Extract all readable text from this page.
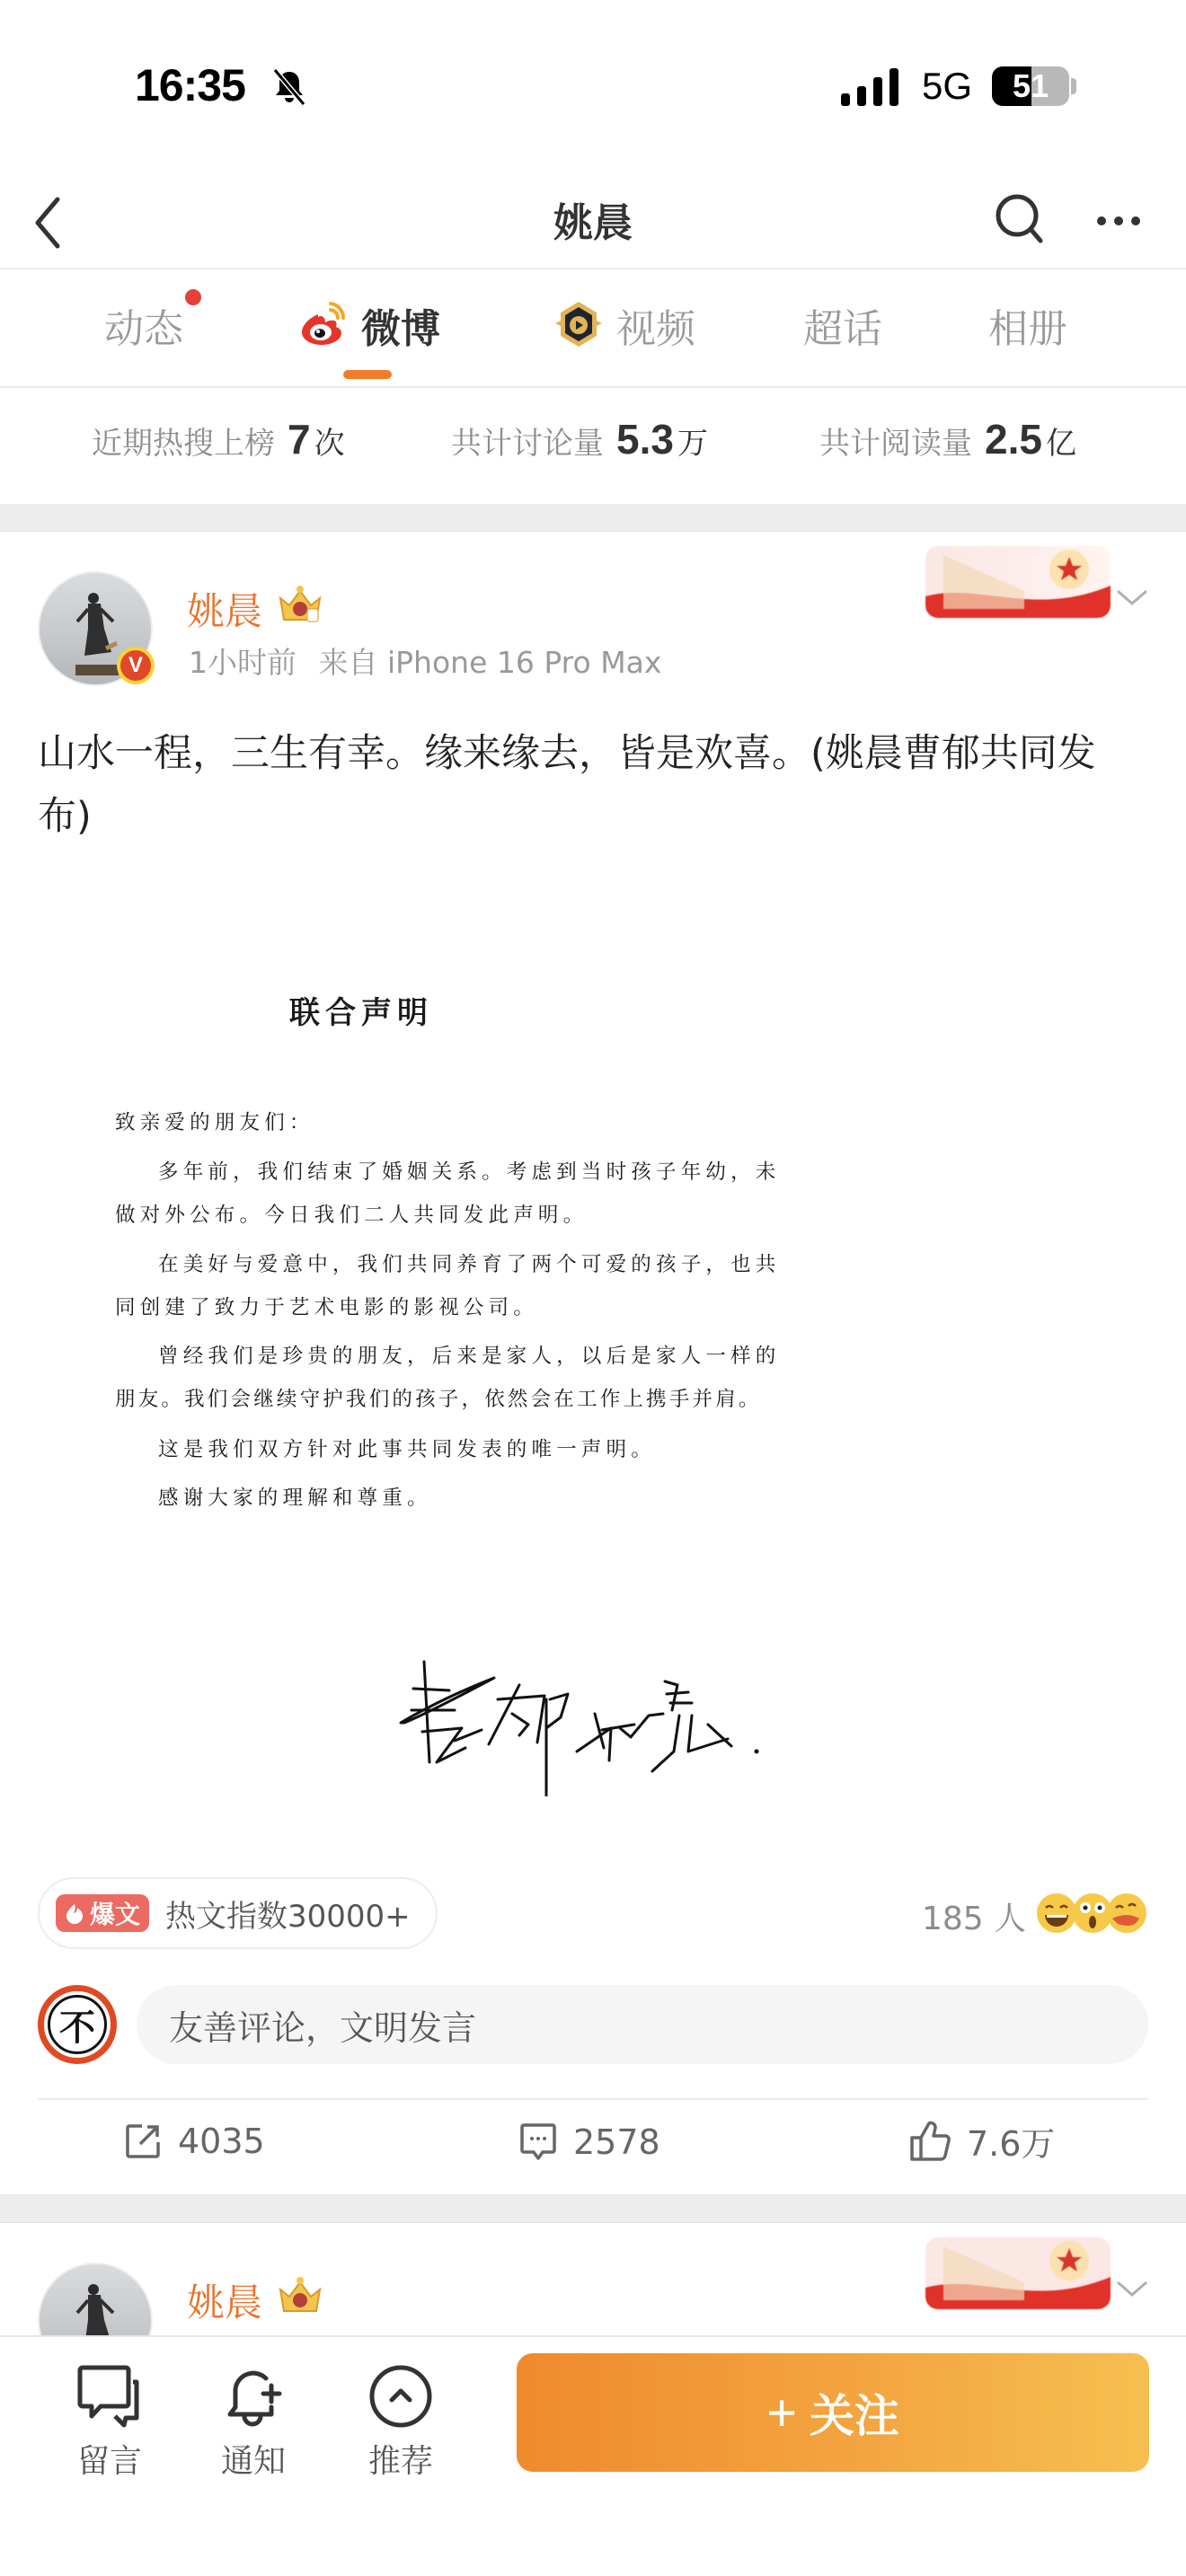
16:35	5G	51
姚晨
动态	微博	视频	超话	相册
近期热搜上榜 7 次	共计讨论量 5.3 万	共计阅读量 2.5 亿
V
姚晨
1小时前 来自 iPhone 16 Pro Max
山水一程，三生有幸。缘来缘去，皆是欢喜。(姚晨曹郁共同发布)
联合声明
致亲爱的朋友们：
多年前，我们结束了婚姻关系。考虑到当时孩子年幼，未
做对外公布。今日我们二人共同发此声明。
在美好与爱意中，我们共同养育了两个可爱的孩子，也共
同创建了致力于艺术电影的影视公司。
曾经我们是珍贵的朋友，后来是家人，以后是家人一样的
朋友。我们会继续守护我们的孩子，依然会在工作上携手并肩。
这是我们双方针对此事共同发表的唯一声明。
感谢大家的理解和尊重。
爆文 热文指数30000+	185 人
不	友善评论，文明发言
4035	2578	7.6万
姚晨
留言 通知	推荐
+ 关注
